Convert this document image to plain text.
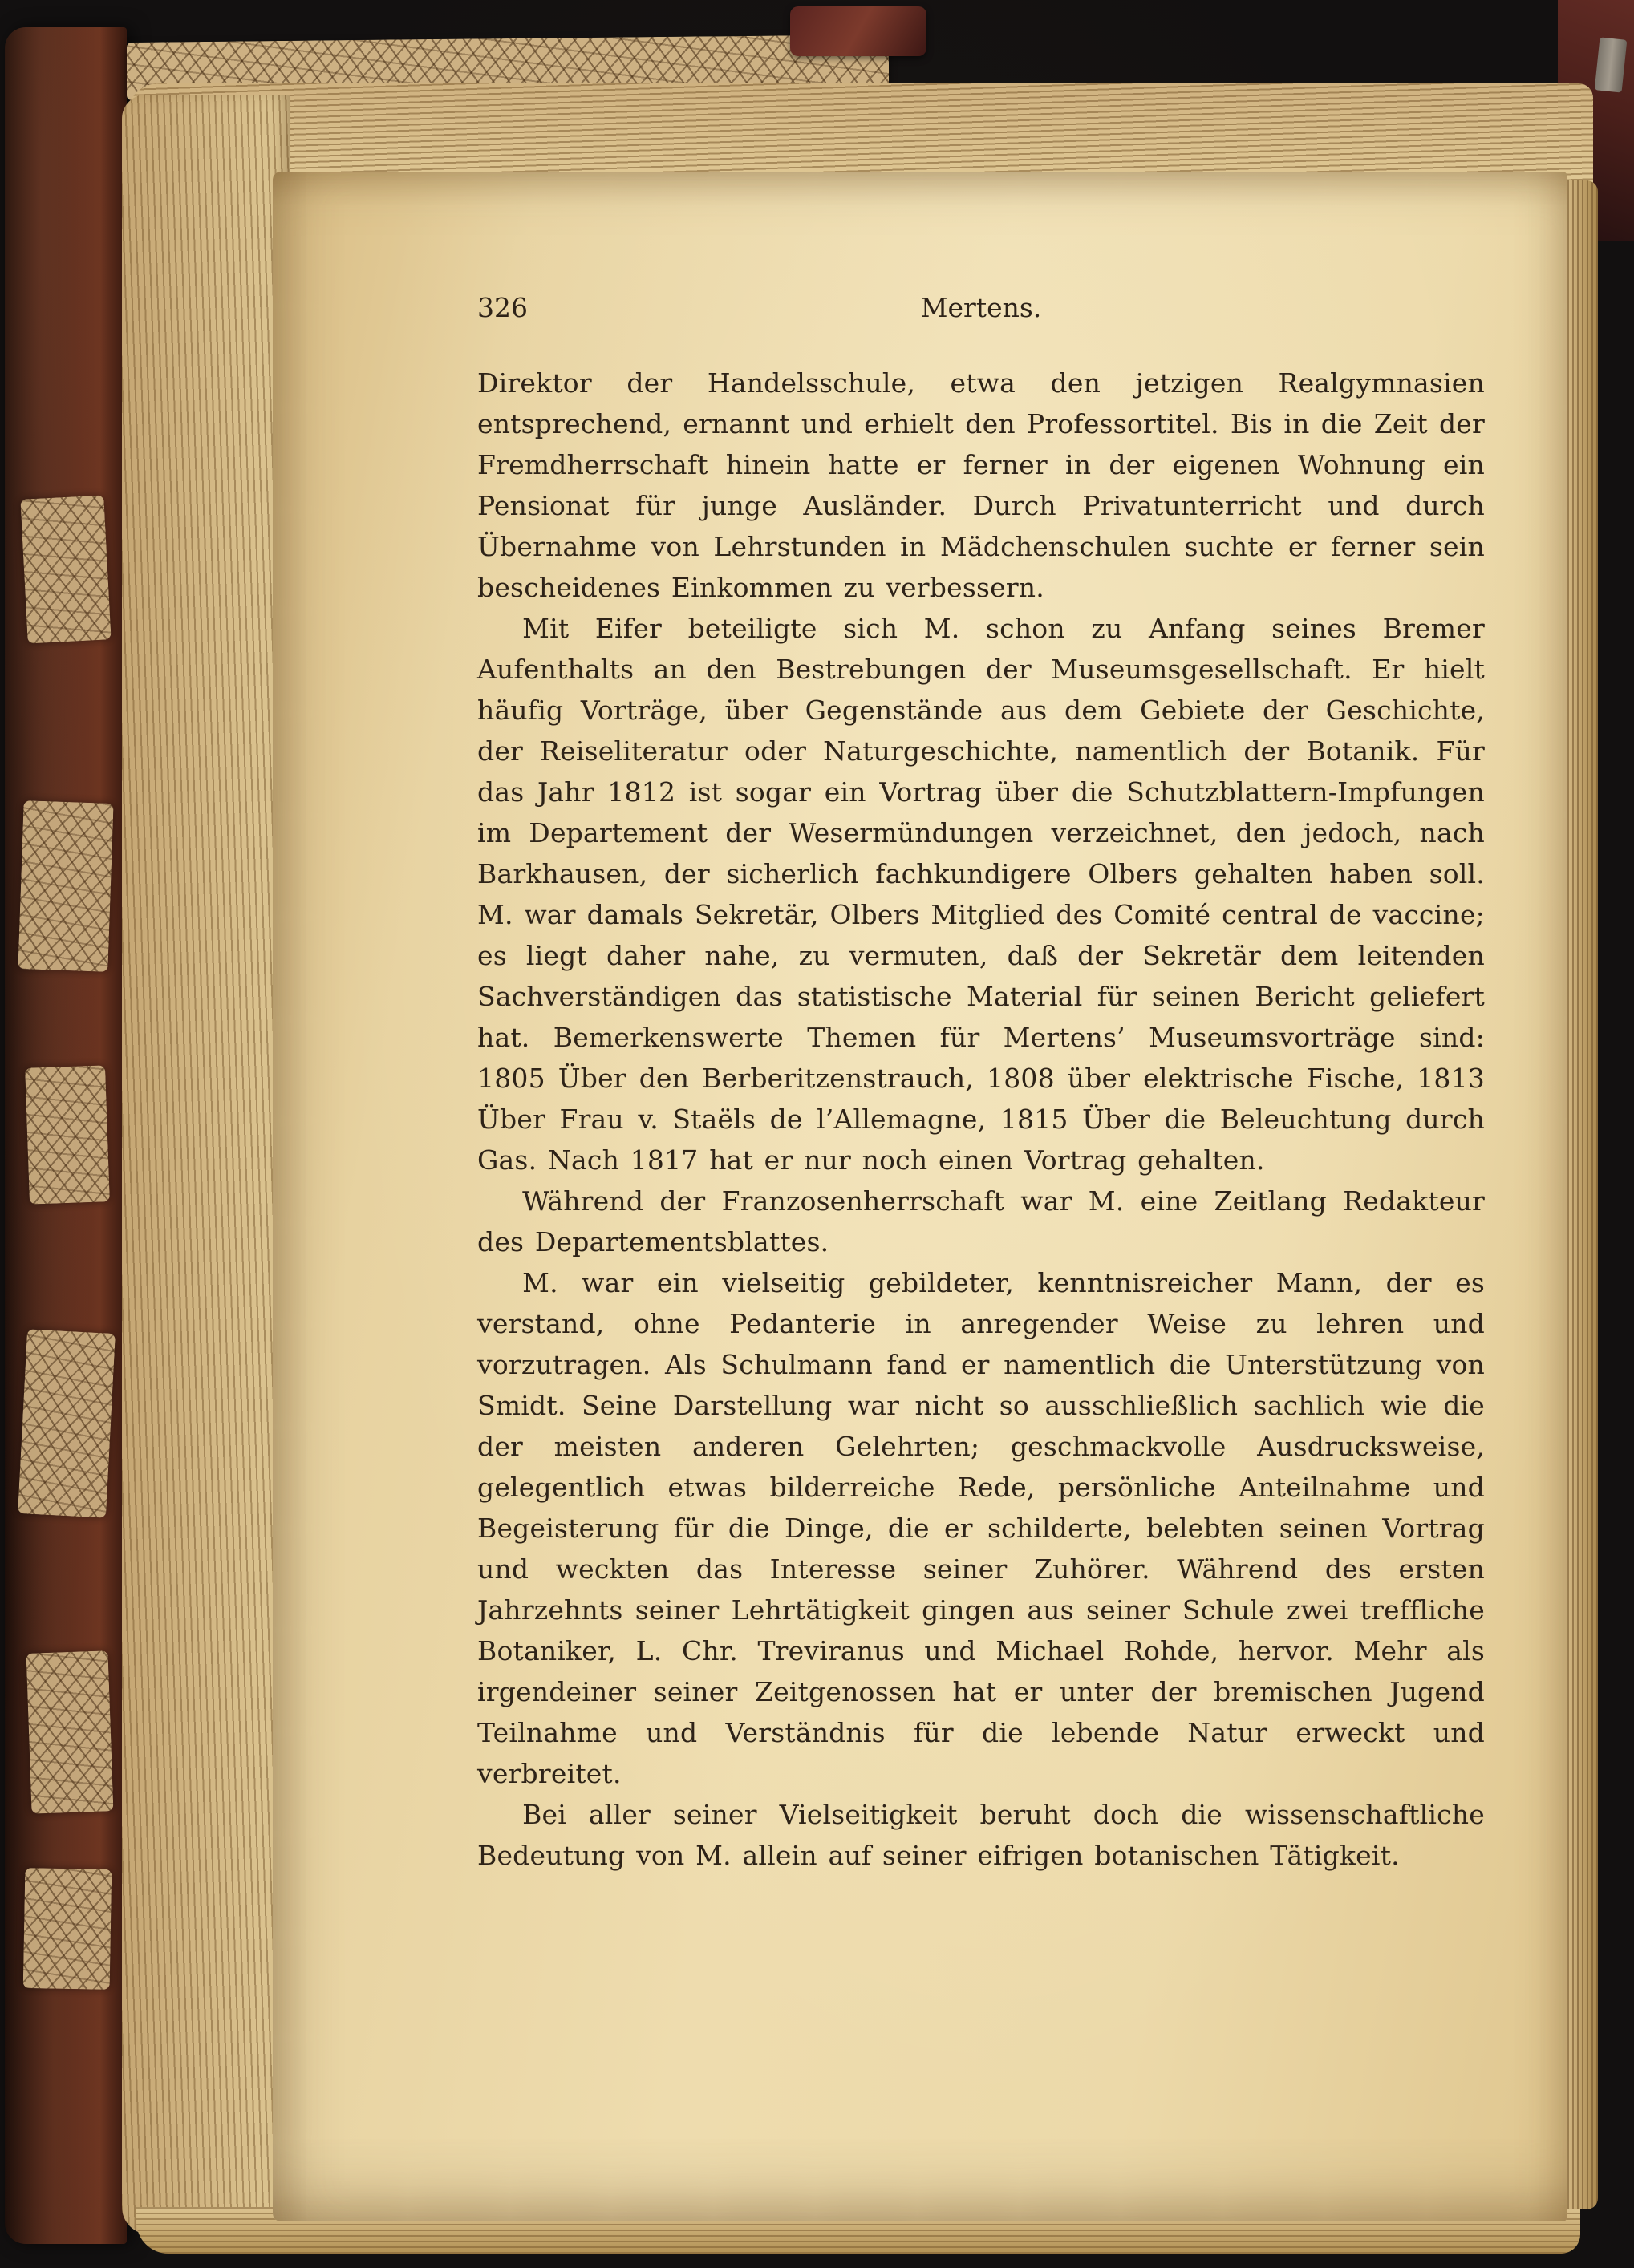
326	Mertens.

Direktor der Handelsschule, etwa den jetzigen Realgymnasien entsprechend, ernannt und erhielt den Professortitel. Bis in die Zeit der Fremdherrschaft hinein hatte er ferner in der eigenen Wohnung ein Pensionat für junge Ausländer. Durch Privatunterricht und durch Übernahme von Lehrstunden in Mädchenschulen suchte er ferner sein bescheidenes Einkommen zu verbessern.

Mit Eifer beteiligte sich M. schon zu Anfang seines Bremer Aufenthalts an den Bestrebungen der Museumsgesellschaft. Er hielt häufig Vorträge, über Gegenstände aus dem Gebiete der Geschichte, der Reiseliteratur oder Naturgeschichte, namentlich der Botanik. Für das Jahr 1812 ist sogar ein Vortrag über die Schutzblattern-Impfungen im Departement der Wesermündungen verzeichnet, den jedoch, nach Barkhausen, der sicherlich fachkundigere Olbers gehalten haben soll. M. war damals Sekretär, Olbers Mitglied des Comité central de vaccine; es liegt daher nahe, zu vermuten, daß der Sekretär dem leitenden Sachverständigen das statistische Material für seinen Bericht geliefert hat. Bemerkenswerte Themen für Mertens’ Museumsvorträge sind: 1805 Über den Berberitzenstrauch, 1808 über elektrische Fische, 1813 Über Frau v. Staëls de l’Allemagne, 1815 Über die Beleuchtung durch Gas. Nach 1817 hat er nur noch einen Vortrag gehalten.

Während der Franzosenherrschaft war M. eine Zeitlang Redakteur des Departementsblattes.

M. war ein vielseitig gebildeter, kenntnisreicher Mann, der es verstand, ohne Pedanterie in anregender Weise zu lehren und vorzutragen. Als Schulmann fand er namentlich die Unterstützung von Smidt. Seine Darstellung war nicht so ausschließlich sachlich wie die der meisten anderen Gelehrten; geschmackvolle Ausdrucksweise, gelegentlich etwas bilderreiche Rede, persönliche Anteilnahme und Begeisterung für die Dinge, die er schilderte, belebten seinen Vortrag und weckten das Interesse seiner Zuhörer. Während des ersten Jahrzehnts seiner Lehrtätigkeit gingen aus seiner Schule zwei treffliche Botaniker, L. Chr. Treviranus und Michael Rohde, hervor. Mehr als irgendeiner seiner Zeitgenossen hat er unter der bremischen Jugend Teilnahme und Verständnis für die lebende Natur erweckt und verbreitet.

Bei aller seiner Vielseitigkeit beruht doch die wissenschaftliche Bedeutung von M. allein auf seiner eifrigen botanischen Tätigkeit.
